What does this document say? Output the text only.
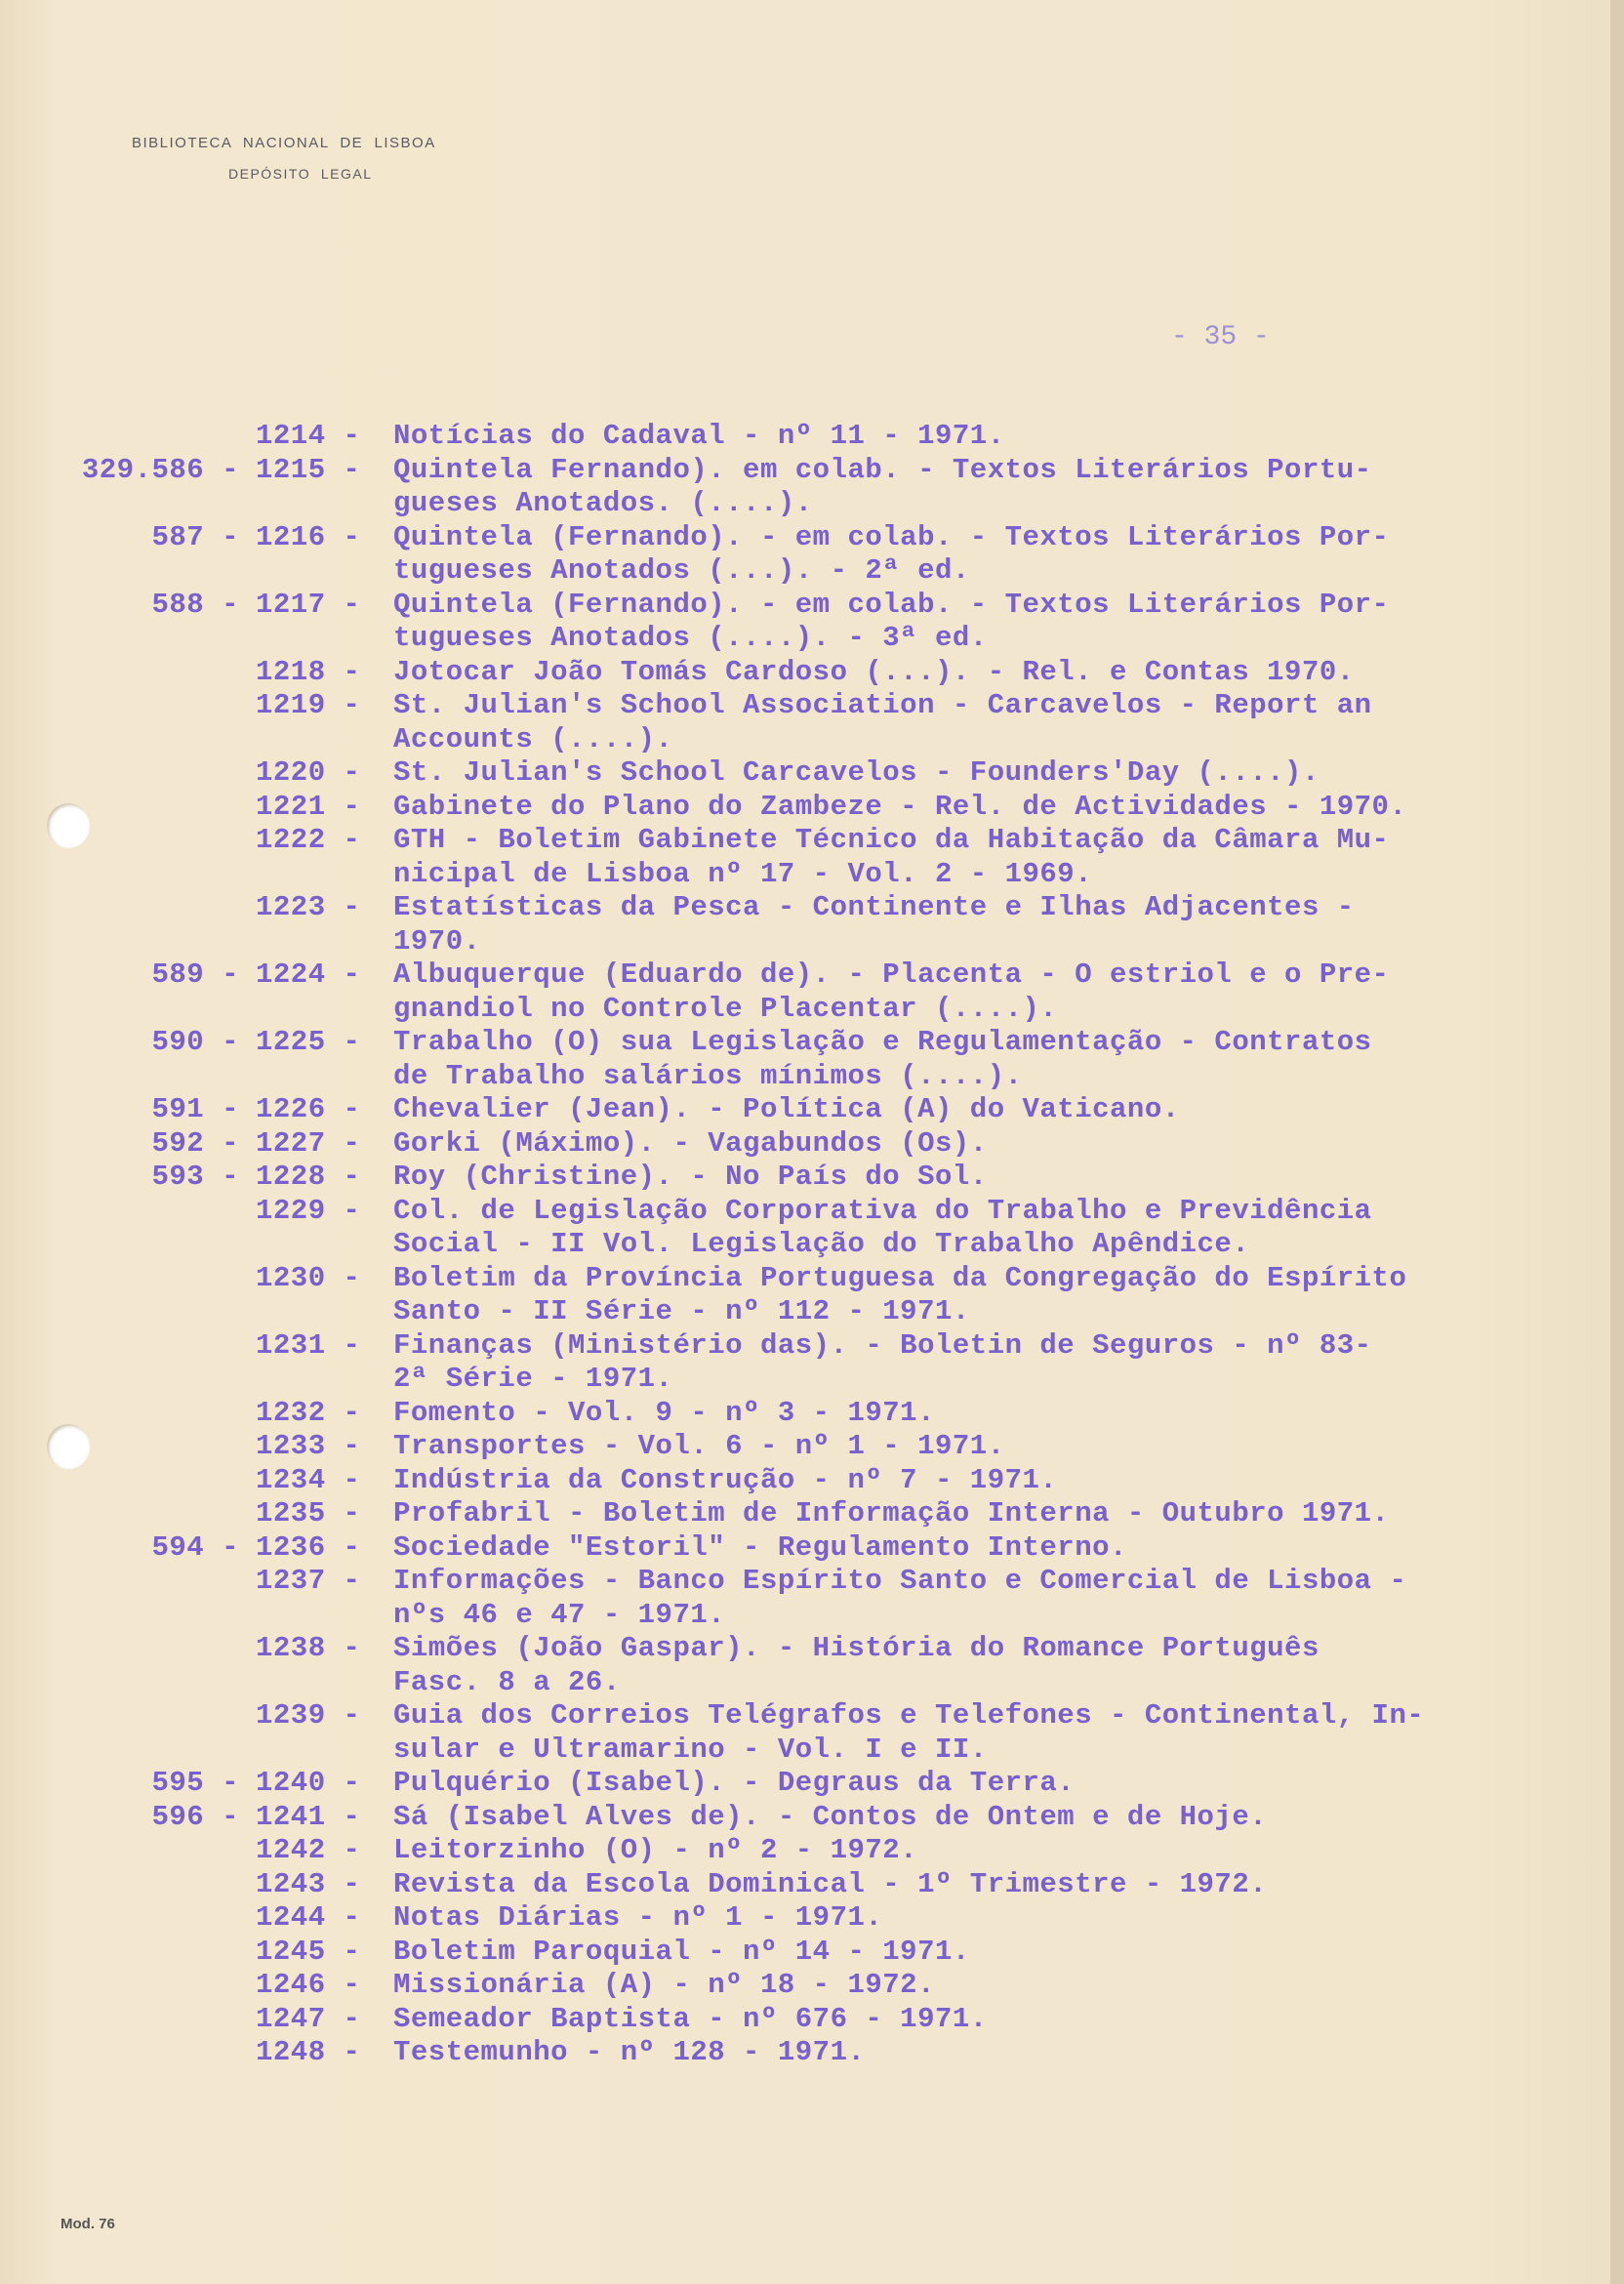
BIBLIOTECA  NACIONAL  DE  LISBOA
DEPÓSITO  LEGAL
- 35 -
1214 -	Notícias do Cadaval - nº 11 - 1971.
329.586 - 1215 -	Quintela Fernando). em colab. - Textos Literários Portu-
gueses Anotados. (....).
587 - 1216 -	Quintela (Fernando). - em colab. - Textos Literários Por-
tugueses Anotados (...). - 2ª ed.
588 - 1217 -	Quintela (Fernando). - em colab. - Textos Literários Por-
tugueses Anotados (....). - 3ª ed.
1218 -	Jotocar João Tomás Cardoso (...). - Rel. e Contas 1970.
1219 -	St. Julian's School Association - Carcavelos - Report an
Accounts (....).
1220 -	St. Julian's School Carcavelos - Founders'Day (....).
1221 -	Gabinete do Plano do Zambeze - Rel. de Actividades - 1970.
1222 -	GTH - Boletim Gabinete Técnico da Habitação da Câmara Mu-
nicipal de Lisboa nº 17 - Vol. 2 - 1969.
1223 -	Estatísticas da Pesca - Continente e Ilhas Adjacentes -
1970.
589 - 1224 -	Albuquerque (Eduardo de). - Placenta - O estriol e o Pre-
gnandiol no Controle Placentar (....).
590 - 1225 -	Trabalho (O) sua Legislação e Regulamentação - Contratos
de Trabalho salários mínimos (....).
591 - 1226 -	Chevalier (Jean). - Política (A) do Vaticano.
592 - 1227 -	Gorki (Máximo). - Vagabundos (Os).
593 - 1228 -	Roy (Christine). - No País do Sol.
1229 -	Col. de Legislação Corporativa do Trabalho e Previdência
Social - II Vol. Legislação do Trabalho Apêndice.
1230 -	Boletim da Província Portuguesa da Congregação do Espírito
Santo - II Série - nº 112 - 1971.
1231 -	Finanças (Ministério das). - Boletin de Seguros - nº 83-
2ª Série - 1971.
1232 -	Fomento - Vol. 9 - nº 3 - 1971.
1233 -	Transportes - Vol. 6 - nº 1 - 1971.
1234 -	Indústria da Construção - nº 7 - 1971.
1235 -	Profabril - Boletim de Informação Interna - Outubro 1971.
594 - 1236 -	Sociedade "Estoril" - Regulamento Interno.
1237 -	Informações - Banco Espírito Santo e Comercial de Lisboa -
nºs 46 e 47 - 1971.
1238 -	Simões (João Gaspar). - História do Romance Português
Fasc. 8 a 26.
1239 -	Guia dos Correios Telégrafos e Telefones - Continental, In-
sular e Ultramarino - Vol. I e II.
595 - 1240 -	Pulquério (Isabel). - Degraus da Terra.
596 - 1241 -	Sá (Isabel Alves de). - Contos de Ontem e de Hoje.
1242 -	Leitorzinho (O) - nº 2 - 1972.
1243 -	Revista da Escola Dominical - 1º Trimestre - 1972.
1244 -	Notas Diárias - nº 1 - 1971.
1245 -	Boletim Paroquial - nº 14 - 1971.
1246 -	Missionária (A) - nº 18 - 1972.
1247 -	Semeador Baptista - nº 676 - 1971.
1248 -	Testemunho - nº 128 - 1971.
Mod. 76
